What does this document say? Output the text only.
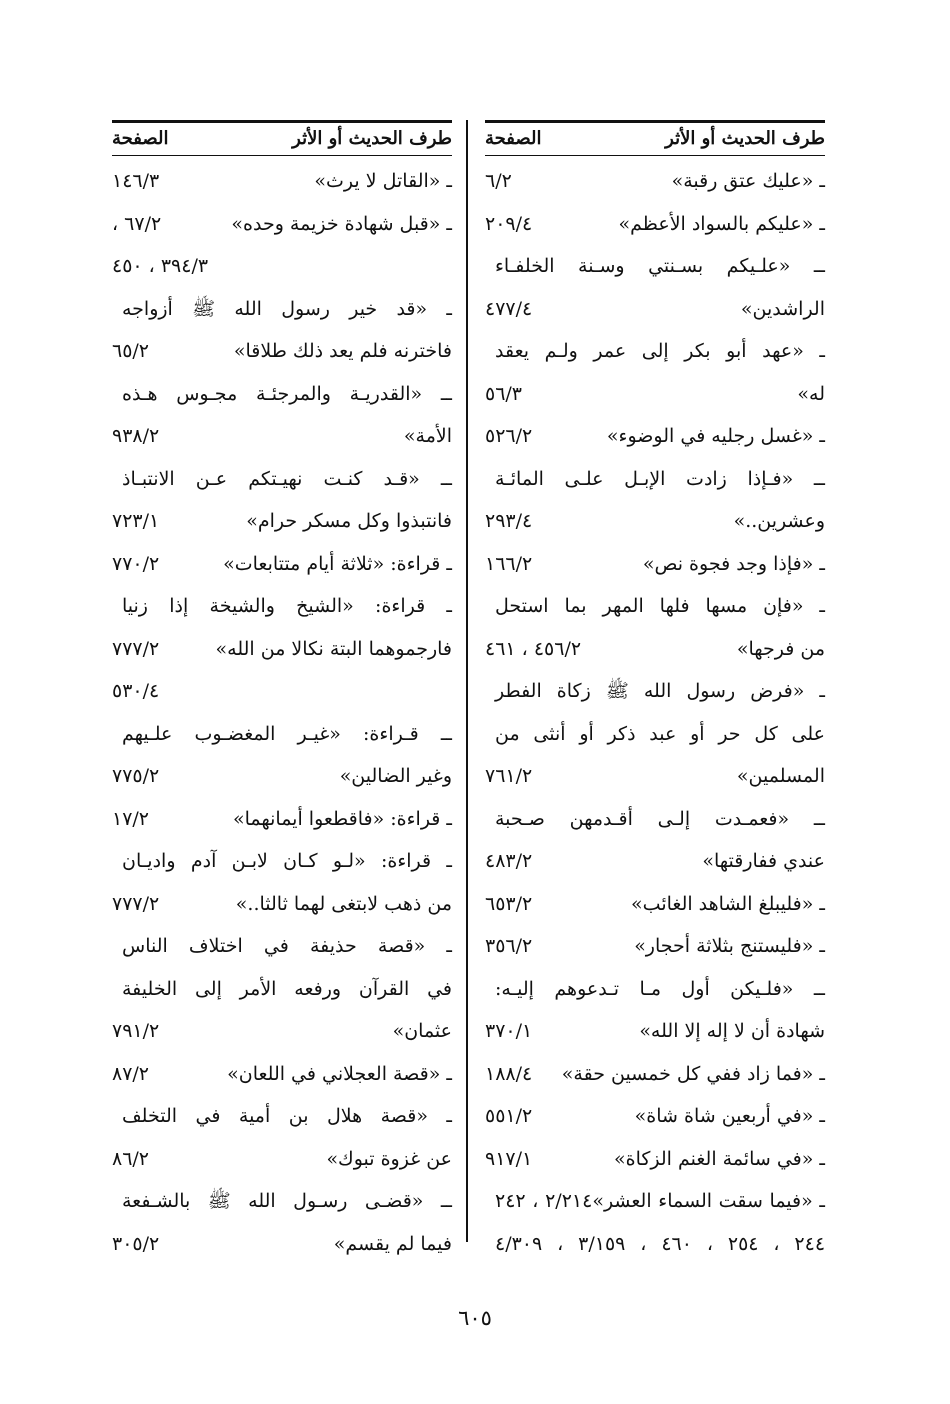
طرف الحديث أو الأثر
الصفحة
ـ «عليك عتق رقبة»
٦/٢
ـ «عليكم بالسواد الأعظم»
٢٠٩/٤
ــ «علـيكم بسـنتي وسـنة الخلفـاء
الراشدين»
٤٧٧/٤
ـ «عهد أبو بكر إلى عمر ولـم يعقد
له»
٥٦/٣
ـ «غسل رجليه في الوضوء»
٥٢٦/٢
ــ «فـإذا زادت الإبـل علـى المائـة
وعشرين..»
٢٩٣/٤
ـ «فإذا وجد فجوة نص»
١٦٦/٢
ـ «فإن مسها فلها المهر بما استحل
من فرجها»
٤٥٦/٢ ، ٤٦١
ـ «فرض رسول الله ﷺ زكاة الفطر
على كل حر أو عبد ذكر أو أنثى من
المسلمين»
٧٦١/٢
ــ «فعمـدت إلـى أقـدمهن صـحبة
عندي ففارقتها»
٤٨٣/٢
ـ «فليبلغ الشاهد الغائب»
٦٥٣/٢
ـ «فليستنج بثلاثة أحجار»
٣٥٦/٢
ــ «فلـيكن أول مـا تـدعوهم إليـه:
شهادة أن لا إله إلا الله»
٣٧٠/١
ـ «فما زاد ففي كل خمسين حقة»
١٨٨/٤
ـ «في أربعين شاة شاة»
٥٥١/٢
ـ «في سائمة الغنم الزكاة»
٩١٧/١
ـ «فيما سقت السماء العشر»٢/٢١٤ ، ٢٤٢
٢٤٤ ، ٢٥٤ ، ٤٦٠ ، ٣/١٥٩ ، ٤/٣٠٩
طرف الحديث أو الأثر
الصفحة
ـ «القاتل لا يرث»
١٤٦/٣
ـ «قبل شهادة خزيمة وحده»
٦٧/٢ ،
٣٩٤/٣ ، ٤٥٠
ـ «قد خير رسول الله ﷺ أزواجه
فاخترنه فلم يعد ذلك طلاقا»
٦٥/٢
ــ «القدريـة والمرجئـة مجـوس هـذه
الأمة»
٩٣٨/٢
ــ «قـد كنـت نهيـتكم عـن الانتبـاذ
فانتبذوا وكل مسكر حرام»
٧٢٣/١
ـ قراءة: «ثلاثة أيام متتابعات»
٧٧٠/٢
ـ قراءة: «الشيخ والشيخة إذا زنيا
فارجموهما البتة نكالا من الله»
٧٧٧/٢
٥٣٠/٤
ــ قـراءة: «غيـر المغضـوب علـيهم
وغير الضالين»
٧٧٥/٢
ـ قراءة: «فاقطعوا أيمانهما»
١٧/٢
ـ قراءة: «لـو كـان لابـن آدم واديـان
من ذهب لابتغى لهما ثالثا..»
٧٧٧/٢
ـ «قصة حذيفة في اختلاف الناس
في القرآن ورفعه الأمر إلى الخليفة
عثمان»
٧٩١/٢
ـ «قصة العجلاني في اللعان»
٨٧/٢
ـ «قصة هلال بن أمية في التخلف
عن غزوة تبوك»
٨٦/٢
ــ «قضـى رسـول الله ﷺ بالشـفعة
فيما لم يقسم»
٣٠٥/٢
٦٠٥
